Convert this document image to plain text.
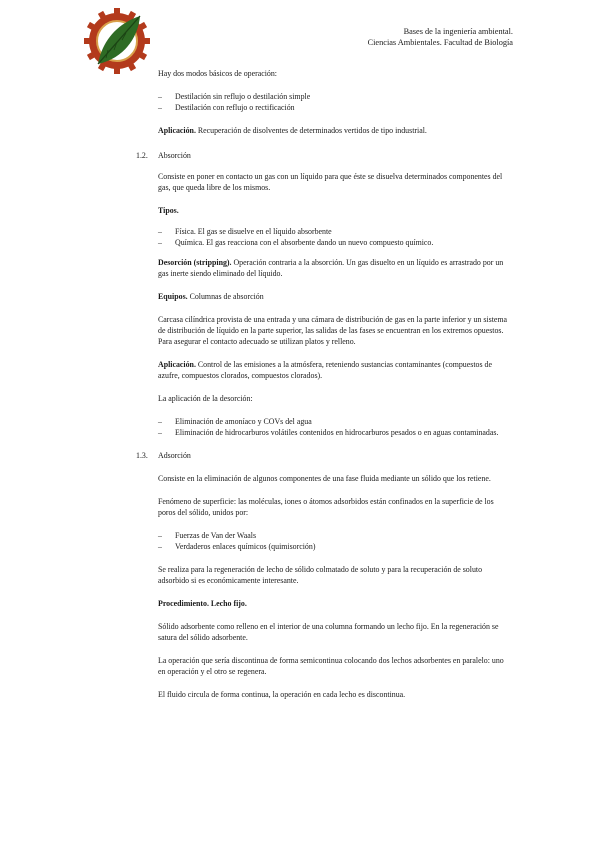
Bases de la ingeniería ambiental.
Ciencias Ambientales. Facultad de Biología

Hay dos modos básicos de operación:

– Destilación sin reflujo o destilación simple
– Destilación con reflujo o rectificación

Aplicación. Recuperación de disolventes de determinados vertidos de tipo industrial.

1.2. Absorción

Consiste en poner en contacto un gas con un líquido para que éste se disuelva determinados componentes del gas, que queda libre de los mismos.

Tipos.

– Física. El gas se disuelve en el líquido absorbente
– Química. El gas reacciona con el absorbente dando un nuevo compuesto químico.

Desorción (stripping). Operación contraria a la absorción. Un gas disuelto en un líquido es arrastrado por un gas inerte siendo eliminado del líquido.

Equipos. Columnas de absorción

Carcasa cilíndrica provista de una entrada y una cámara de distribución de gas en la parte inferior y un sistema de distribución de líquido en la parte superior, las salidas de las fases se encuentran en los extremos opuestos.

Para asegurar el contacto adecuado se utilizan platos y relleno.

Aplicación. Control de las emisiones a la atmósfera, reteniendo sustancias contaminantes (compuestos de azufre, compuestos clorados, compuestos clorados).

La aplicación de la desorción:

– Eliminación de amoníaco y COVs del agua
– Eliminación de hidrocarburos volátiles contenidos en hidrocarburos pesados o en aguas contaminadas.

1.3. Adsorción

Consiste en la eliminación de algunos componentes de una fase fluida mediante un sólido que los retiene.

Fenómeno de superficie: las moléculas, iones o átomos adsorbidos están confinados en la superficie de los poros del sólido, unidos por:

– Fuerzas de Van der Waals
– Verdaderos enlaces químicos (quimisorción)

Se realiza para la regeneración de lecho de sólido colmatado de soluto y para la recuperación de soluto adsorbido si es económicamente interesante.

Procedimiento. Lecho fijo.

Sólido adsorbente como relleno en el interior de una columna formando un lecho fijo. En la regeneración se satura del sólido adsorbente.

La operación que sería discontinua de forma semicontinua colocando dos lechos adsorbentes en paralelo: uno en operación y el otro se regenera.

El fluido circula de forma continua, la operación en cada lecho es discontinua.
